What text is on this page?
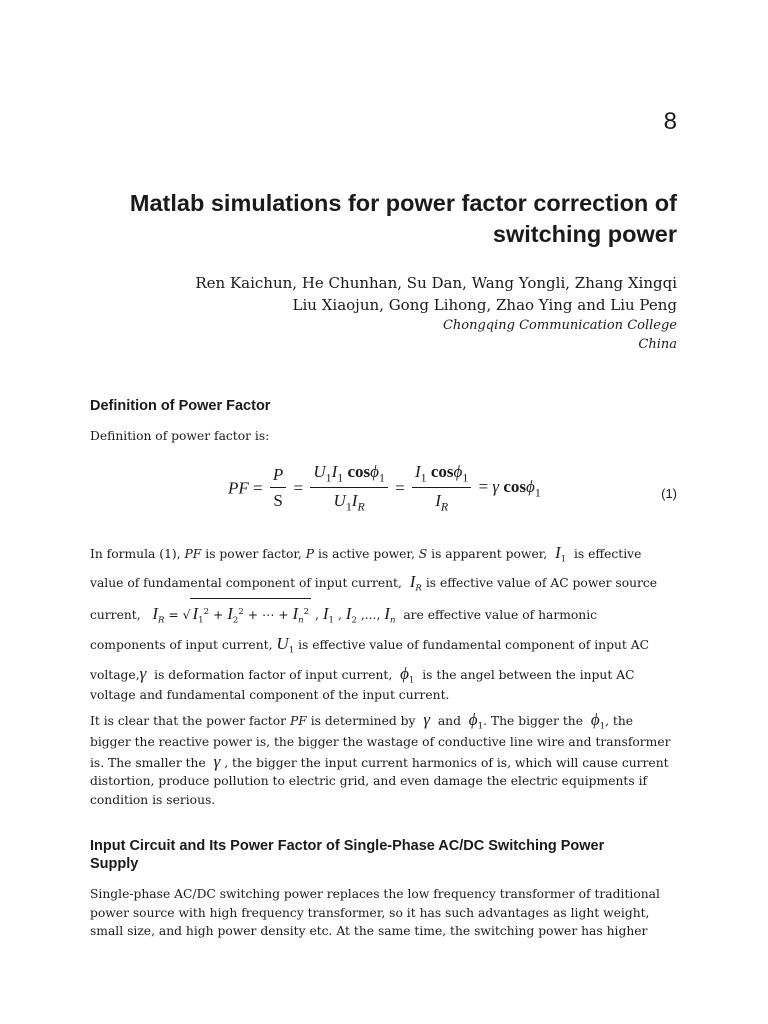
8
Matlab simulations for power factor correction of switching power
Ren Kaichun, He Chunhan, Su Dan, Wang Yongli, Zhang Xingqi
Liu Xiaojun, Gong Lihong, Zhao Ying and Liu Peng
Chongqing Communication College
China
Definition of Power Factor
Definition of power factor is:
PF = $\frac{P}{S} = \frac{U_1I_1 \cos\phi_1}{U_1I_R} = \frac{I_1 \cos\phi_1}{I_R} = \gamma$ cosϕ$_1$	(1)
In formula (1), PF is power factor, P is active power, S is apparent power, $I_1$ is effective
value of fundamental component of input current, $I_R$ is effective value of AC power source
current, $I_R$ = √ $I_1^2 + I_2^2$ + ⋯ + $I_n^2$ , $I_1$ , $I_2$ ,..., $I_n$ are effective value of harmonic
components of input current, $U_1$ is effective value of fundamental component of input AC
voltage,γ is deformation factor of input current, $\phi_1$ is the angel between the input AC
voltage and fundamental component of the input current.
It is clear that the power factor PF is determined by γ and $\phi_1$. The bigger the $\phi_1$, the
bigger the reactive power is, the bigger the wastage of conductive line wire and transformer
is. The smaller the γ , the bigger the input current harmonics of is, which will cause current
distortion, produce pollution to electric grid, and even damage the electric equipments if
condition is serious.
Input Circuit and Its Power Factor of Single-Phase AC/DC Switching Power
Supply
Single-phase AC/DC switching power replaces the low frequency transformer of traditional
power source with high frequency transformer, so it has such advantages as light weight,
small size, and high power density etc. At the same time, the switching power has higher
